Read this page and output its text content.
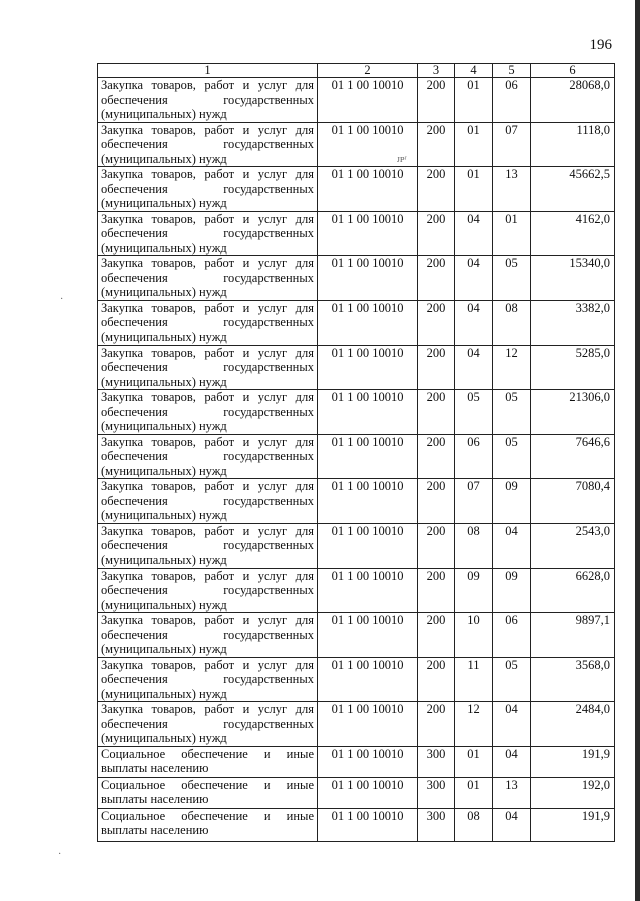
196
1	2	3	4	5	6
Закупка товаров, работ и услуг для обеспечения государственных (муниципальных) нужд	01 1 00 10010	200	01	06	28068,0
Закупка товаров, работ и услуг для обеспечения государственных (муниципальных) нужд	01 1 00 10010	200	01	07	1118,0
Закупка товаров, работ и услуг для обеспечения государственных (муниципальных) нужд	01 1 00 10010	200	01	13	45662,5
Закупка товаров, работ и услуг для обеспечения государственных (муниципальных) нужд	01 1 00 10010	200	04	01	4162,0
Закупка товаров, работ и услуг для обеспечения государственных (муниципальных) нужд	01 1 00 10010	200	04	05	15340,0
Закупка товаров, работ и услуг для обеспечения государственных (муниципальных) нужд	01 1 00 10010	200	04	08	3382,0
Закупка товаров, работ и услуг для обеспечения государственных (муниципальных) нужд	01 1 00 10010	200	04	12	5285,0
Закупка товаров, работ и услуг для обеспечения государственных (муниципальных) нужд	01 1 00 10010	200	05	05	21306,0
Закупка товаров, работ и услуг для обеспечения государственных (муниципальных) нужд	01 1 00 10010	200	06	05	7646,6
Закупка товаров, работ и услуг для обеспечения государственных (муниципальных) нужд	01 1 00 10010	200	07	09	7080,4
Закупка товаров, работ и услуг для обеспечения государственных (муниципальных) нужд	01 1 00 10010	200	08	04	2543,0
Закупка товаров, работ и услуг для обеспечения государственных (муниципальных) нужд	01 1 00 10010	200	09	09	6628,0
Закупка товаров, работ и услуг для обеспечения государственных (муниципальных) нужд	01 1 00 10010	200	10	06	9897,1
Закупка товаров, работ и услуг для обеспечения государственных (муниципальных) нужд	01 1 00 10010	200	11	05	3568,0
Закупка товаров, работ и услуг для обеспечения государственных (муниципальных) нужд	01 1 00 10010	200	12	04	2484,0
Социальное обеспечение и иные выплаты населению	01 1 00 10010	300	01	04	191,9
Социальное обеспечение и иные выплаты населению	01 1 00 10010	300	01	13	192,0
Социальное обеспечение и иные выплаты населению	01 1 00 10010	300	08	04	191,9
ᴊᴘʳ
·
·
